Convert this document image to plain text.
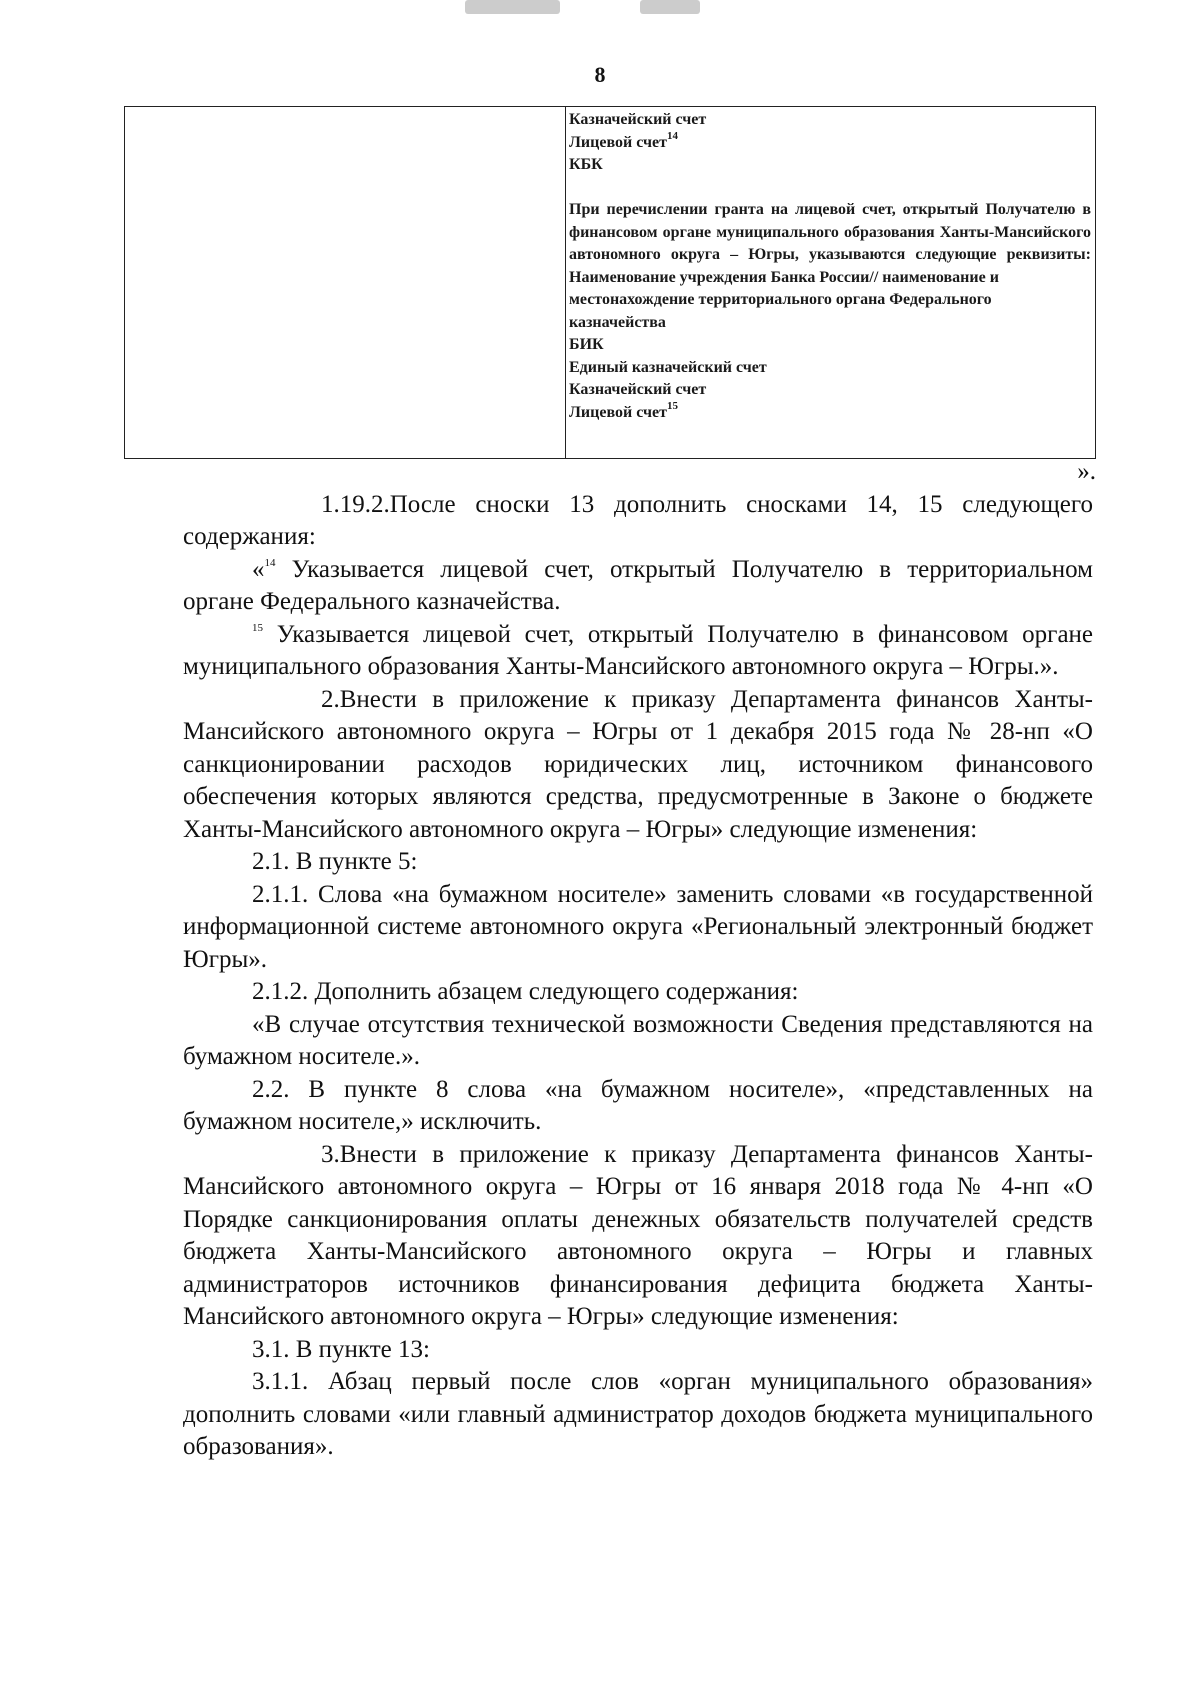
8
Казначейский счет
Лицевой счет$^{14}$
КБК
При перечислении гранта на лицевой счет, открытый Получателю в финансовом органе муниципального образования Ханты-Мансийского автономного округа – Югры, указываются следующие реквизиты:
Наименование учреждения Банка России// наименование и
местонахождение территориального органа Федерального
казначейства
БИК
Единый казначейский счет
Казначейский счет
Лицевой счет$^{15}$

».

1.19.2.После сноски 13 дополнить сносками 14, 15 следующего содержания:

«$^{14}$ Указывается лицевой счет, открытый Получателю в территориальном органе Федерального казначейства.

$^{15}$ Указывается лицевой счет, открытый Получателю в финансовом органе муниципального образования Ханты-Мансийского автономного округа – Югры.».

2.Внести в приложение к приказу Департамента финансов Ханты-Мансийского автономного округа – Югры от 1 декабря 2015 года № 28-нп «О санкционировании расходов юридических лиц, источником финансового обеспечения которых являются средства, предусмотренные в Законе о бюджете Ханты-Мансийского автономного округа – Югры» следующие изменения:

2.1. В пункте 5:

2.1.1. Слова «на бумажном носителе» заменить словами «в государственной информационной системе автономного округа «Региональный электронный бюджет Югры».

2.1.2. Дополнить абзацем следующего содержания:

«В случае отсутствия технической возможности Сведения представляются на бумажном носителе.».

2.2. В пункте 8 слова «на бумажном носителе», «представленных на бумажном носителе,» исключить.

3.Внести в приложение к приказу Департамента финансов Ханты-Мансийского автономного округа – Югры от 16 января 2018 года № 4-нп «О Порядке санкционирования оплаты денежных обязательств получателей средств бюджета Ханты-Мансийского автономного округа – Югры и главных администраторов источников финансирования дефицита бюджета Ханты-Мансийского автономного округа – Югры» следующие изменения:

3.1. В пункте 13:

3.1.1. Абзац первый после слов «орган муниципального образования» дополнить словами «или главный администратор доходов бюджета муниципального образования».
